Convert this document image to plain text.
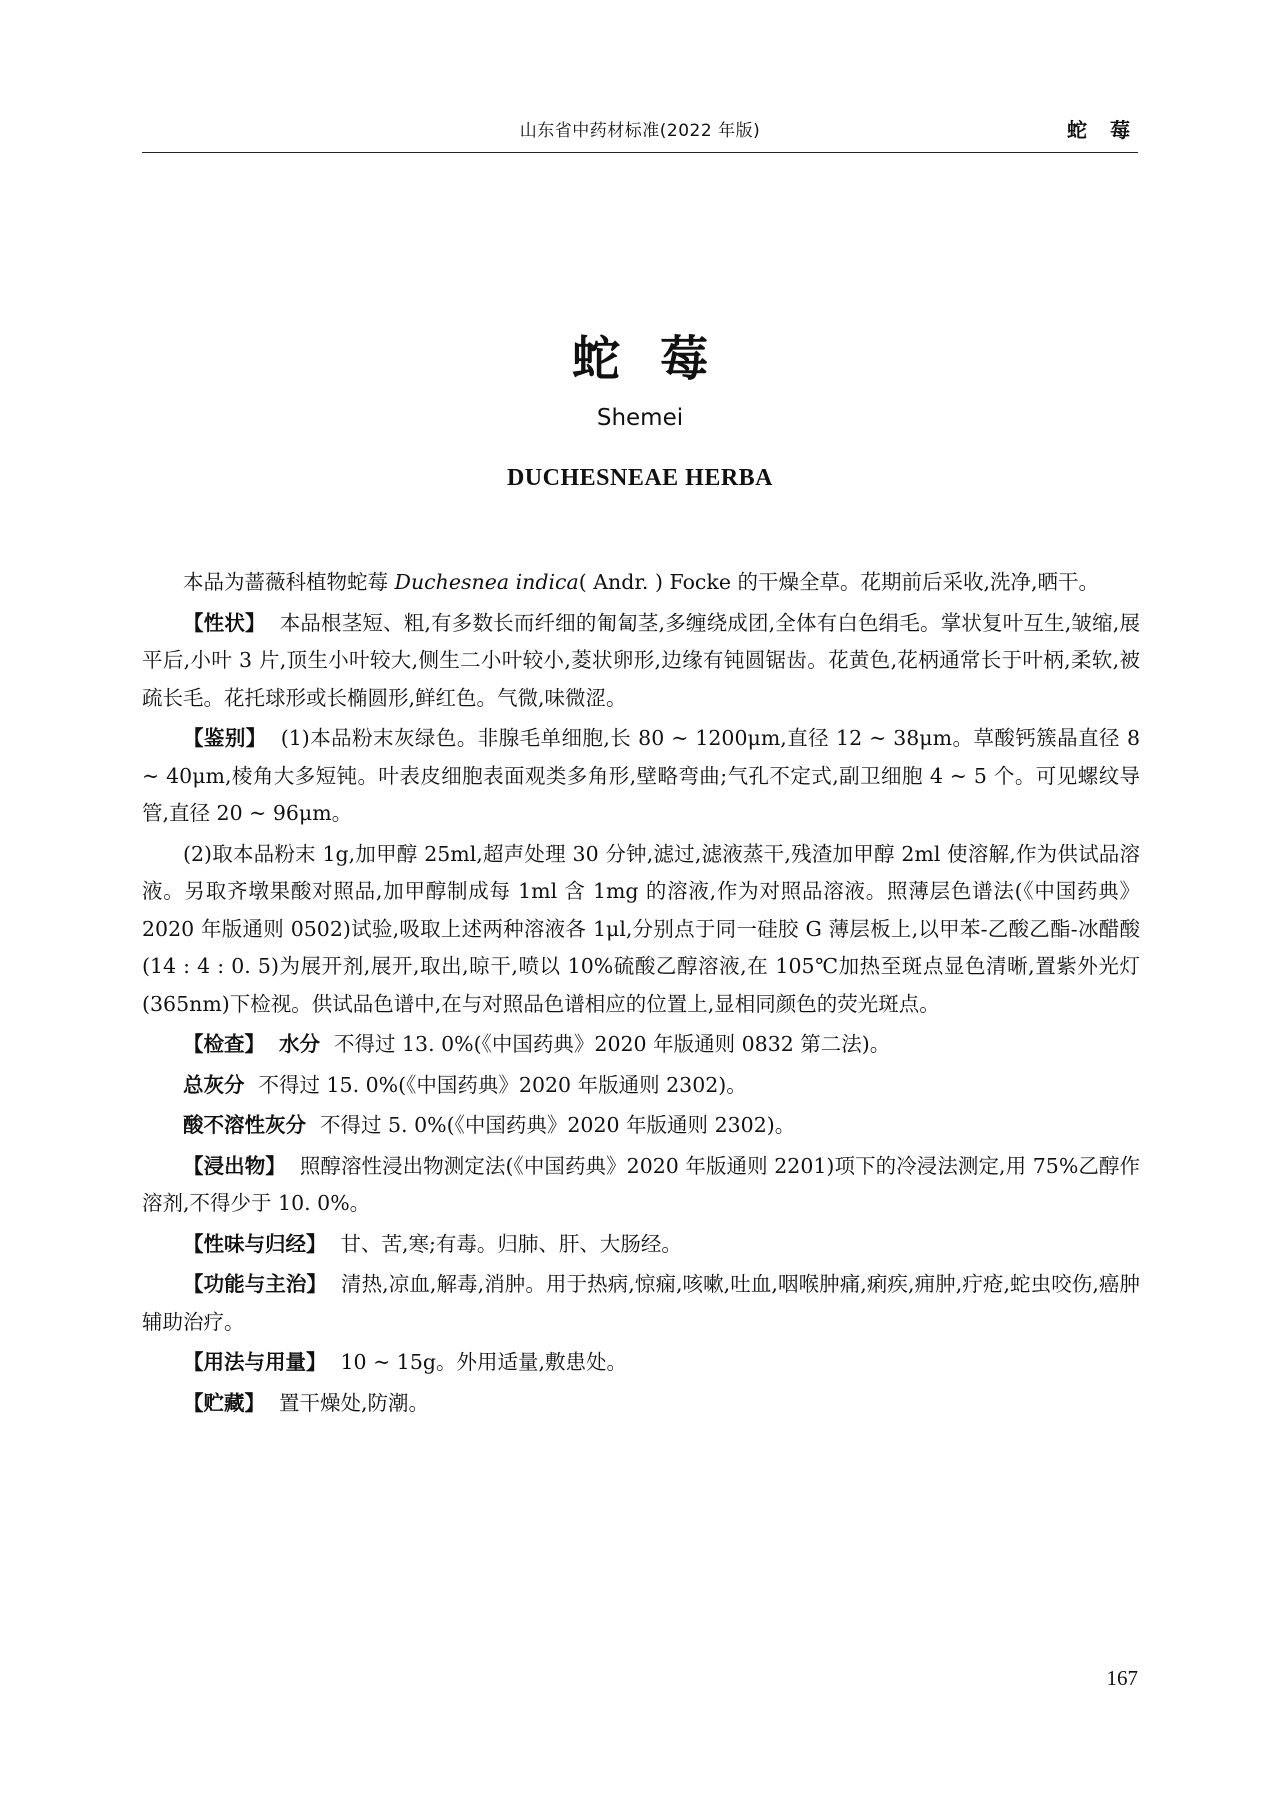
山东省中药材标准(2022 年版)	蛇 莓
蛇莓
Shemei
DUCHESNEAE HERBA

本品为蔷薇科植物蛇莓 Duchesnea indica( Andr. ) Focke 的干燥全草。花期前后采收,洗净,晒干。

【性状】 本品根茎短、粗,有多数长而纤细的匍匐茎,多缠绕成团,全体有白色绢毛。掌状复叶互生,皱缩,展平后,小叶 3 片,顶生小叶较大,侧生二小叶较小,菱状卵形,边缘有钝圆锯齿。花黄色,花柄通常长于叶柄,柔软,被疏长毛。花托球形或长椭圆形,鲜红色。气微,味微涩。

【鉴别】 (1)本品粉末灰绿色。非腺毛单细胞,长 80 ~ 1200μm,直径 12 ~ 38μm。草酸钙簇晶直径 8 ~ 40μm,棱角大多短钝。叶表皮细胞表面观类多角形,壁略弯曲;气孔不定式,副卫细胞 4 ~ 5 个。可见螺纹导管,直径 20 ~ 96μm。

(2)取本品粉末 1g,加甲醇 25ml,超声处理 30 分钟,滤过,滤液蒸干,残渣加甲醇 2ml 使溶解,作为供试品溶液。另取齐墩果酸对照品,加甲醇制成每 1ml 含 1mg 的溶液,作为对照品溶液。照薄层色谱法(《中国药典》2020 年版通则 0502)试验,吸取上述两种溶液各 1μl,分别点于同一硅胶 G 薄层板上,以甲苯-乙酸乙酯-冰醋酸(14 : 4 : 0. 5)为展开剂,展开,取出,晾干,喷以 10%硫酸乙醇溶液,在 105℃加热至斑点显色清晰,置紫外光灯(365nm)下检视。供试品色谱中,在与对照品色谱相应的位置上,显相同颜色的荧光斑点。

【检查】 水分 不得过 13. 0%(《中国药典》2020 年版通则 0832 第二法)。

总灰分 不得过 15. 0%(《中国药典》2020 年版通则 2302)。

酸不溶性灰分 不得过 5. 0%(《中国药典》2020 年版通则 2302)。

【浸出物】 照醇溶性浸出物测定法(《中国药典》2020 年版通则 2201)项下的冷浸法测定,用 75%乙醇作溶剂,不得少于 10. 0%。

【性味与归经】 甘、苦,寒;有毒。归肺、肝、大肠经。

【功能与主治】 清热,凉血,解毒,消肿。用于热病,惊痫,咳嗽,吐血,咽喉肿痛,痢疾,痈肿,疔疮,蛇虫咬伤,癌肿辅助治疗。

【用法与用量】 10 ~ 15g。外用适量,敷患处。

【贮藏】 置干燥处,防潮。

167
